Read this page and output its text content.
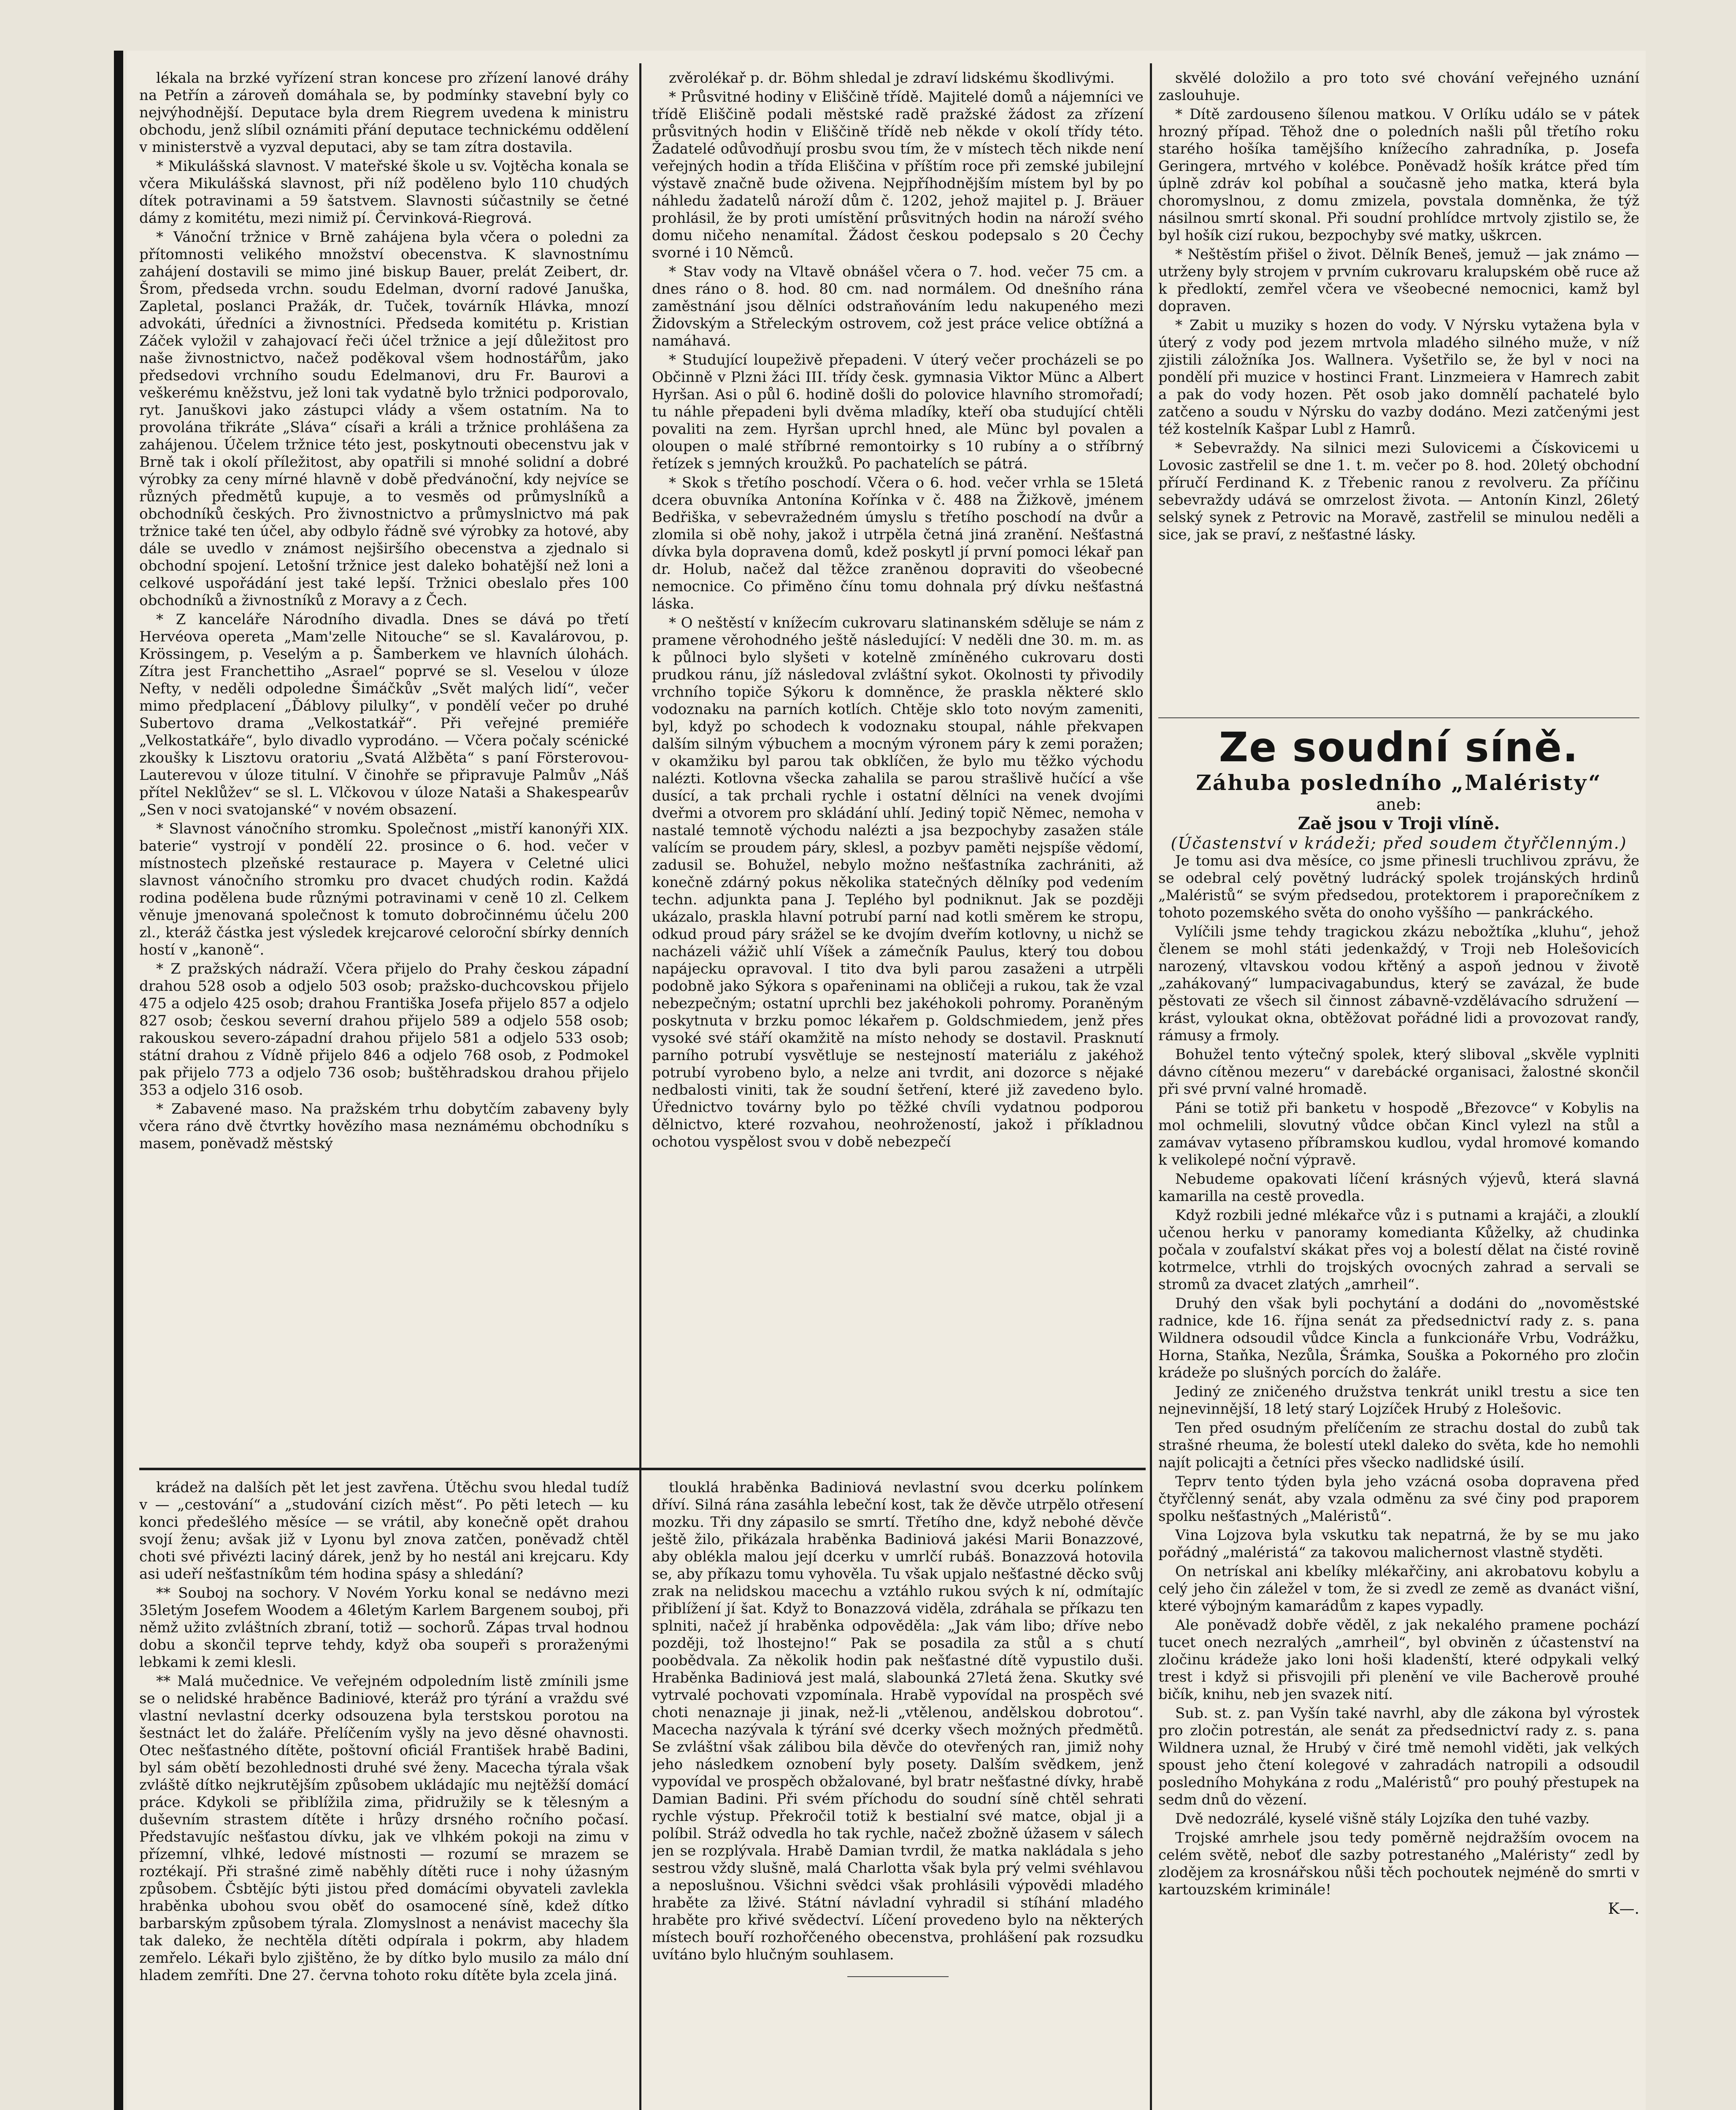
lékala na brzké vyřízení stran koncese pro zřízení lanové dráhy na Petřín a zároveň domáhala se, by podmínky stavební byly co nejvýhodnější. Deputace byla drem Riegrem uvedena k ministru obchodu, jenž slíbil oznámiti přání deputace technickému oddělení v ministerstvě a vyzval deputaci, aby se tam zítra dostavila.

* Mikulášská slavnost. V mateřské škole u sv. Vojtěcha konala se včera Mikulášská slavnost, při níž poděleno bylo 110 chudých dítek potravinami a 59 šatstvem. Slavnosti súčastnily se četné dámy z komitétu, mezi nimiž pí. Červinková-Riegrová.

* Vánoční tržnice v Brně zahájena byla včera o poledni za přítomnosti velikého množství obecenstva. K slavnostnímu zahájení dostavili se mimo jiné biskup Bauer, prelát Zeibert, dr. Šrom, předseda vrchn. soudu Edelman, dvorní radové Januška, Zapletal, poslanci Pražák, dr. Tuček, továrník Hlávka, mnozí advokáti, úředníci a živnostníci. Předseda komitétu p. Kristian Záček vyložil v zahajovací řeči účel tržnice a její důležitost pro naše živnostnictvo, načež poděkoval všem hodnostářům, jako předsedovi vrchního soudu Edelmanovi, dru Fr. Baurovi a veškerému kněžstvu, jež loni tak vydatně bylo tržnici podporovalo, ryt. Januškovi jako zástupci vlády a všem ostatním. Na to provolána třikráte „Sláva“ císaři a králi a tržnice prohlášena za zahájenou. Účelem tržnice této jest, poskytnouti obecenstvu jak v Brně tak i okolí příležitost, aby opatřili si mnohé solidní a dobré výrobky za ceny mírné hlavně v době předvánoční, kdy nejvíce se různých předmětů kupuje, a to vesměs od průmyslníků a obchodníků českých. Pro živnostnictvo a průmyslnictvo má pak tržnice také ten účel, aby odbylo řádně své výrobky za hotové, aby dále se uvedlo v známost nejširšího obecenstva a zjednalo si obchodní spojení. Letošní tržnice jest daleko bohatější než loni a celkové uspořádání jest také lepší. Tržnici obeslalo přes 100 obchodníků a živnostníků z Moravy a z Čech.

* Z kanceláře Národního divadla. Dnes se dává po třetí Hervéova opereta „Mam'zelle Nitouche“ se sl. Kavalárovou, p. Krössingem, p. Veselým a p. Šamberkem ve hlavních úlohách. Zítra jest Franchettiho „Asrael“ poprvé se sl. Veselou v úloze Nefty, v neděli odpoledne Šimáčkův „Svět malých lidí“, večer mimo předplacení „Ďáblovy pilulky“, v pondělí večer po druhé Subertovo drama „Velkostatkář“. Při veřejné premiéře „Velkostatkáře“, bylo divadlo vyprodáno. — Včera počaly scénické zkoušky k Lisztovu oratoriu „Svatá Alžběta“ s paní Försterovou-Lauterevou v úloze titulní. V činohře se připravuje Palmův „Náš přítel Neklůžev“ se sl. L. Vlčkovou v úloze Nataši a Shakespearův „Sen v noci svatojanské“ v novém obsazení.

* Slavnost vánočního stromku. Společnost „mistří kanonýři XIX. baterie“ vystrojí v pondělí 22. prosince o 6. hod. večer v místnostech plzeňské restaurace p. Mayera v Celetné ulici slavnost vánočního stromku pro dvacet chudých rodin. Každá rodina podělena bude různými potravinami v ceně 10 zl. Celkem věnuje jmenovaná společnost k tomuto dobročinnému účelu 200 zl., kteráž částka jest výsledek krejcarové celoroční sbírky denních hostí v „kanoně“.

* Z pražských nádraží. Včera přijelo do Prahy českou západní drahou 528 osob a odjelo 503 osob; pražsko-duchcovskou přijelo 475 a odjelo 425 osob; drahou Františka Josefa přijelo 857 a odjelo 827 osob; českou severní drahou přijelo 589 a odjelo 558 osob; rakouskou severo-západní drahou přijelo 581 a odjelo 533 osob; státní drahou z Vídně přijelo 846 a odjelo 768 osob, z Podmokel pak přijelo 773 a odjelo 736 osob; buštěhradskou drahou přijelo 353 a odjelo 316 osob.

* Zabavené maso. Na pražském trhu dobytčím zabaveny byly včera ráno dvě čtvrtky hovězího masa neznámému obchodníku s masem, poněvadž městský

zvěrolékař p. dr. Böhm shledal je zdraví lidskému škodlivými.

* Průsvitné hodiny v Eliščině třídě. Majitelé domů a nájemníci ve třídě Eliščině podali městské radě pražské žádost za zřízení průsvitných hodin v Eliščině třídě neb někde v okolí třídy této. Žadatelé odůvodňují prosbu svou tím, že v místech těch nikde není veřejných hodin a třída Eliščina v příštím roce při zemské jubilejní výstavě značně bude oživena. Nejpříhodnějším místem byl by po náhledu žadatelů nároží dům č. 1202, jehož majitel p. J. Bräuer prohlásil, že by proti umístění průsvitných hodin na nároží svého domu ničeho nenamítal. Žádost českou podepsalo s 20 Čechy svorné i 10 Němců.

* Stav vody na Vltavě obnášel včera o 7. hod. večer 75 cm. a dnes ráno o 8. hod. 80 cm. nad normálem. Od dnešního rána zaměstnání jsou dělníci odstraňováním ledu nakupeného mezi Židovským a Střeleckým ostrovem, což jest práce velice obtížná a namáhavá.

* Studující loupeživě přepadeni. V úterý večer procházeli se po Občinně v Plzni žáci III. třídy česk. gymnasia Viktor Münc a Albert Hyršan. Asi o půl 6. hodině došli do polovice hlavního stromořadí; tu náhle přepadeni byli dvěma mladíky, kteří oba studující chtěli povaliti na zem. Hyršan uprchl hned, ale Münc byl povalen a oloupen o malé stříbrné remontoirky s 10 rubíny a o stříbrný řetízek s jemných kroužků. Po pachatelích se pátrá.

* Skok s třetího poschodí. Včera o 6. hod. večer vrhla se 15letá dcera obuvníka Antonína Kořínka v č. 488 na Žižkově, jménem Bedřiška, v sebevražedném úmyslu s třetího poschodí na dvůr a zlomila si obě nohy, jakož i utrpěla četná jiná zranění. Nešťastná dívka byla dopravena domů, kdež poskytl jí první pomoci lékař pan dr. Holub, načež dal těžce zraněnou dopraviti do všeobecné nemocnice. Co přiměno čínu tomu dohnala prý dívku nešťastná láska.

* O neštěstí v knížecím cukrovaru slatinanském sděluje se nám z pramene věrohodného ještě následující: V neděli dne 30. m. m. as k půlnoci bylo slyšeti v kotelně zmíněného cukrovaru dosti prudkou ránu, jíž následoval zvláštní sykot. Okolnosti ty přivodily vrchního topiče Sýkoru k domněnce, že praskla některé sklo vodoznaku na parních kotlích. Chtěje sklo toto novým zameniti, byl, když po schodech k vodoznaku stoupal, náhle překvapen dalším silným výbuchem a mocným výronem páry k zemi poražen; v okamžiku byl parou tak obklíčen, že bylo mu těžko východu nalézti. Kotlovna všecka zahalila se parou strašlivě hučící a vše dusící, a tak prchali rychle i ostatní dělníci na venek dvojími dveřmi a otvorem pro skládání uhlí. Jediný topič Němec, nemoha v nastalé temnotě východu nalézti a jsa bezpochyby zasažen stále valícím se proudem páry, sklesl, a pozbyv paměti nejspíše vědomí, zadusil se. Bohužel, nebylo možno nešťastníka zachrániti, až konečně zdárný pokus několika statečných dělníky pod vedením techn. adjunkta pana J. Teplého byl podniknut. Jak se později ukázalo, praskla hlavní potrubí parní nad kotli směrem ke stropu, odkud proud páry srážel se ke dvojím dveřím kotlovny, u nichž se nacházeli vážič uhlí Víšek a zámečník Paulus, který tou dobou napájecku opravoval. I tito dva byli parou zasaženi a utrpěli podobně jako Sýkora s opařeninami na obličeji a rukou, tak že vzal nebezpečným; ostatní uprchli bez jakéhokoli pohromy. Poraněným poskytnuta v brzku pomoc lékařem p. Goldschmiedem, jenž přes vysoké své stáří okamžitě na místo nehody se dostavil. Prasknutí parního potrubí vysvětluje se nestejností materiálu z jakéhož potrubí vyrobeno bylo, a nelze ani tvrdit, ani dozorce s nějaké nedbalosti viniti, tak že soudní šetření, které již zavedeno bylo. Úřednictvo továrny bylo po těžké chvíli vydatnou podporou dělnictvo, které rozvahou, neohrožeností, jakož i příkladnou ochotou vyspělost svou v době nebezpečí

skvělé doložilo a pro toto své chování veřejného uznání zaslouhuje.

* Dítě zardouseno šílenou matkou. V Orlíku událo se v pátek hrozný případ. Těhož dne o poledních našli půl třetího roku starého hošíka tamějšího knížecího zahradníka, p. Josefa Geringera, mrtvého v kolébce. Poněvadž hošík krátce před tím úplně zdráv kol pobíhal a současně jeho matka, která byla choromyslnou, z domu zmizela, povstala domněnka, že týž násilnou smrtí skonal. Při soudní prohlídce mrtvoly zjistilo se, že byl hošík cizí rukou, bezpochyby své matky, uškrcen.

* Neštěstím přišel o život. Dělník Beneš, jemuž — jak známo — utrženy byly strojem v prvním cukrovaru kralupském obě ruce až k předloktí, zemřel včera ve všeobecné nemocnici, kamž byl dopraven.

* Zabit u muziky s hozen do vody. V Nýrsku vytažena byla v úterý z vody pod jezem mrtvola mladého silného muže, v níž zjistili záložníka Jos. Wallnera. Vyšetřilo se, že byl v noci na pondělí při muzice v hostinci Frant. Linzmeiera v Hamrech zabit a pak do vody hozen. Pět osob jako domnělí pachatelé bylo zatčeno a soudu v Nýrsku do vazby dodáno. Mezi zatčenými jest též kostelník Kašpar Lubl z Hamrů.

* Sebevraždy. Na silnici mezi Sulovicemi a Čískovicemi u Lovosic zastřelil se dne 1. t. m. večer po 8. hod. 20letý obchodní příručí Ferdinand K. z Třebenic ranou z revolveru. Za příčinu sebevraždy udává se omrzelost života. — Antonín Kinzl, 26letý selský synek z Petrovic na Moravě, zastřelil se minulou neděli a sice, jak se praví, z nešťastné lásky.

Ze soudní síně.
Záhuba posledního „Maléristy“
aneb:
Zaě jsou v Troji vlíně.
(Účastenství v krádeži; před soudem čtyřčlenným.)

Je tomu asi dva měsíce, co jsme přinesli truchlivou zprávu, že se odebral celý povětný ludrácký spolek trojánských hrdinů „Maléristů“ se svým předsedou, protektorem i praporečníkem z tohoto pozemského světa do onoho vyššího — pankráckého.

Vylíčili jsme tehdy tragickou zkázu nebožtíka „kluhu“, jehož členem se mohl státi jedenkaždý, v Troji neb Holešovicích narozený, vltavskou vodou křtěný a aspoň jednou v životě „zahákovaný“ lumpacivagabundus, který se zavázal, že bude pěstovati ze všech sil činnost zábavně-vzdělávacího sdružení — krást, vyloukat okna, obtěžovat pořádné lidi a provozovat ranďy, rámusy a frmoly.

Bohužel tento výtečný spolek, který sliboval „skvěle vyplniti dávno cítěnou mezeru“ v darebácké organisaci, žalostné skončil při své první valné hromadě.

Páni se totiž při banketu v hospodě „Březovce“ v Kobylis na mol ochmelili, slovutný vůdce občan Kincl vylezl na stůl a zamávav vytaseno příbramskou kudlou, vydal hromové komando k velikolepé noční výpravě.

Nebudeme opakovati líčení krásných výjevů, která slavná kamarilla na cestě provedla.

Když rozbili jedné mlékařce vůz i s putnami a krajáči, a zlouklí učenou herku v panoramy komedianta Kůželky, až chudinka počala v zoufalství skákat přes voj a bolestí dělat na čisté rovině kotrmelce, vtrhli do trojských ovocných zahrad a servali se stromů za dvacet zlatých „amrheil“.

Druhý den však byli pochytání a dodáni do „novoměstské radnice, kde 16. října senát za předsednictví rady z. s. pana Wildnera odsoudil vůdce Kincla a funkcionáře Vrbu, Vodrážku, Horna, Staňka, Nezůla, Šrámka, Souška a Pokorného pro zločin krádeže po slušných porcích do žaláře.

Jediný ze zničeného družstva tenkrát unikl trestu a sice ten nejnevinnější, 18 letý starý Lojzíček Hrubý z Holešovic.

Ten před osudným přelíčením ze strachu dostal do zubů tak strašné rheuma, že bolestí utekl daleko do světa, kde ho nemohli najít policajti a četníci přes všecko nadlidské úsilí.

Teprv tento týden byla jeho vzácná osoba dopravena před čtyřčlenný senát, aby vzala odměnu za své činy pod praporem spolku nešťastných „Maléristů“.

Vina Lojzova byla vskutku tak nepatrná, že by se mu jako pořádný „maléristá“ za takovou malichernost vlastně styděti.

On netrískal ani kbelíky mlékařčiny, ani akrobatovu kobylu a celý jeho čin záležel v tom, že si zvedl ze země as dvanáct višní, které výbojným kamarádům z kapes vypadly.

Ale poněvadž dobře věděl, z jak nekalého pramene pochází tucet onech nezralých „amrheil“, byl obviněn z účastenství na zločinu krádeže jako loni hoši kladenští, které odpykali velký trest i když si přisvojili při plenění ve vile Bacherově prouhé bičík, knihu, neb jen svazek nití.

Sub. st. z. pan Vyšín také navrhl, aby dle zákona byl výrostek pro zločin potrestán, ale senát za předsednictví rady z. s. pana Wildnera uznal, že Hrubý v čiré tmě nemohl viděti, jak velkých spoust jeho čtení kolegové v zahradách natropili a odsoudil posledního Mohykána z rodu „Maléristů“ pro pouhý přestupek na sedm dnů do vězení.

Dvě nedozrálé, kyselé višně stály Lojzíka den tuhé vazby.

Trojské amrhele jsou tedy poměrně nejdražším ovocem na celém světě, neboť dle sazby potrestaného „Maléristy“ zedl by zlodějem za krosnářskou nůši těch pochoutek nejméně do smrti v kartouzském kriminále!

K—.

krádež na dalších pět let jest zavřena. Útěchu svou hledal tudíž v — „cestování“ a „studování cizích měst“. Po pěti letech — ku konci předešlého měsíce — se vrátil, aby konečně opět drahou svojí ženu; avšak již v Lyonu byl znova zatčen, poněvadž chtěl choti své přivézti laciný dárek, jenž by ho nestál ani krejcaru. Kdy asi udeří nešťastníkům tém hodina spásy a shledání?

** Souboj na sochory. V Novém Yorku konal se nedávno mezi 35letým Josefem Woodem a 46letým Karlem Bargenem souboj, při němž užito zvláštních zbraní, totiž — sochorů. Zápas trval hodnou dobu a skončil teprve tehdy, když oba soupeři s proraženými lebkami k zemi klesli.

** Malá mučednice. Ve veřejném odpoledním listě zmínili jsme se o nelidské hraběnce Badiniové, kteráž pro týrání a vraždu své vlastní nevlastní dcerky odsouzena byla terstskou porotou na šestnáct let do žaláře. Přelíčením vyšly na jevo děsné ohavnosti. Otec nešťastného dítěte, poštovní oficiál František hrabě Badini, byl sám obětí bezohlednosti druhé své ženy. Macecha týrala však zvláště dítko nejkrutějším způsobem ukládajíc mu nejtěžší domácí práce. Kdykoli se přiblížila zima, přidružily se k tělesným a duševním strastem dítěte i hrůzy drsného ročního počasí. Představujíc nešťastou dívku, jak ve vlhkém pokoji na zimu v přízemní, vlhké, ledové místnosti — rozumí se mrazem se roztékají. Při strašné zimě naběhly dítěti ruce i nohy úžasným způsobem. Čsbtějíc býti jistou před domácími obyvateli zavlekla hraběnka ubohou svou oběť do osamocené síně, kdež dítko barbarským způsobem týrala. Zlomyslnost a nenávist macechy šla tak daleko, že nechtěla dítěti odpírala i pokrm, aby hladem zemřelo. Lékaři bylo zjištěno, že by dítko bylo musilo za málo dní hladem zemříti. Dne 27. června tohoto roku dítěte byla zcela jiná.

tlouklá hraběnka Badiniová nevlastní svou dcerku polínkem dříví. Silná rána zasáhla lebeční kost, tak že děvče utrpělo otřesení mozku. Tři dny zápasilo se smrtí. Třetího dne, když nebohé děvče ještě žilo, přikázala hraběnka Badiniová jakési Marii Bonazzové, aby oblékla malou její dcerku v umrlčí rubáš. Bonazzová hotovila se, aby příkazu tomu vyhověla. Tu však upjalo nešťastné děcko svůj zrak na nelidskou macechu a vztáhlo rukou svých k ní, odmítajíc přiblížení jí šat. Když to Bonazzová viděla, zdráhala se příkazu ten splniti, načež jí hraběnka odpověděla: „Jak vám libo; dříve nebo později, tož lhostejno!“ Pak se posadila za stůl a s chutí poobědvala. Za několik hodin pak nešťastné dítě vypustilo duši. Hraběnka Badiniová jest malá, slabounká 27letá žena. Skutky své vytrvalé pochovati vzpomínala. Hrabě vypovídal na prospěch své choti nenaznaje ji jinak, než-li „vtělenou, andělskou dobrotou“. Macecha nazývala k týrání své dcerky všech možných předmětů. Se zvláštní však zálibou bila děvče do otevřených ran, jimiž nohy jeho následkem oznobení byly posety. Dalším svědkem, jenž vypovídal ve prospěch obžalované, byl bratr nešťastné dívky, hrabě Damian Badini. Při svém příchodu do soudní síně chtěl sehrati rychle výstup. Překročil totiž k bestialní své matce, objal ji a políbil. Stráž odvedla ho tak rychle, načež zbožně úžasem v sálech jen se rozplývala. Hrabě Damian tvrdil, že matka nakládala s jeho sestrou vždy slušně, malá Charlotta však byla prý velmi svéhlavou a neposlušnou. Všichni svědci však prohlásili výpovědi mladého hraběte za lživé. Státní návladní vyhradil si stíhání mladého hraběte pro křivé svědectví. Líčení provedeno bylo na některých místech bouří rozhořčeného obecenstva, prohlášení pak rozsudku uvítáno bylo hlučným souhlasem.
